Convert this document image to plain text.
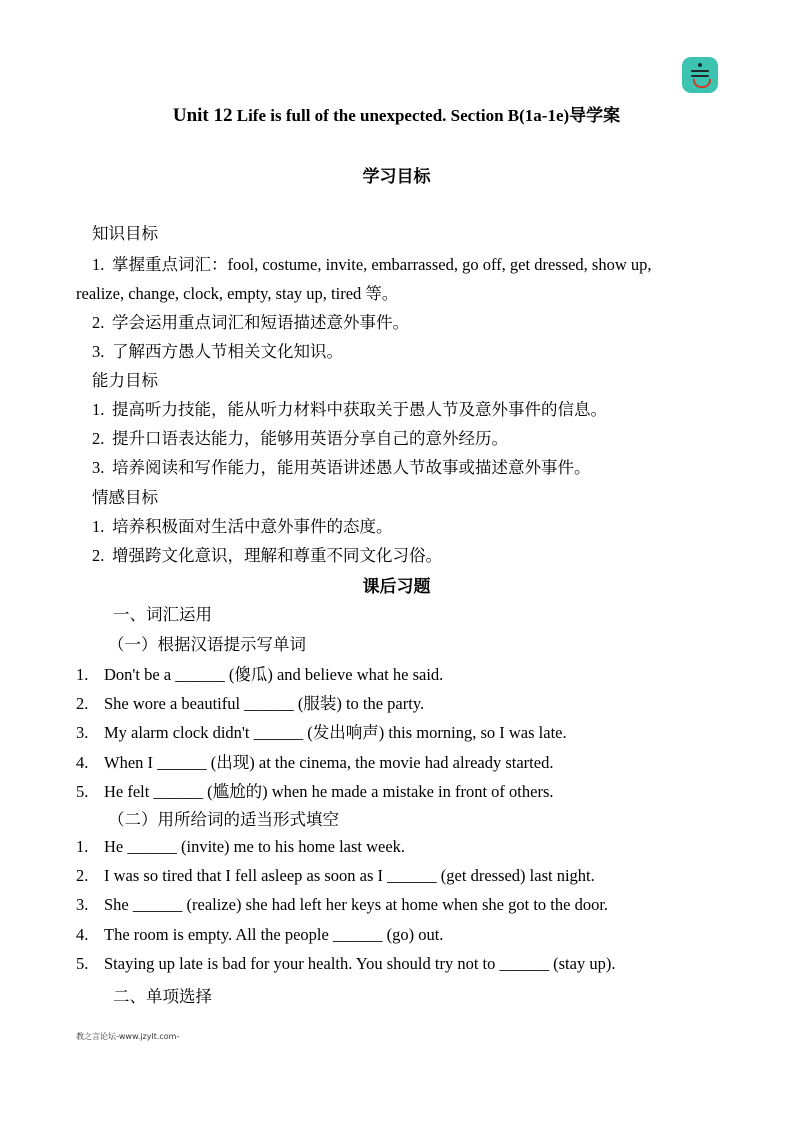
Unit 12 Life is full of the unexpected. Section B(1a-1e)导学案
学习目标
知识目标
1. 掌握重点词汇：fool, costume, invite, embarrassed, go off, get dressed, show up,
realize, change, clock, empty, stay up, tired 等。
2. 学会运用重点词汇和短语描述意外事件。
3. 了解西方愚人节相关文化知识。
能力目标
1. 提高听力技能，能从听力材料中获取关于愚人节及意外事件的信息。
2. 提升口语表达能力，能够用英语分享自己的意外经历。
3. 培养阅读和写作能力，能用英语讲述愚人节故事或描述意外事件。
情感目标
1. 培养积极面对生活中意外事件的态度。
2. 增强跨文化意识，理解和尊重不同文化习俗。
课后习题
一、词汇运用
（一）根据汉语提示写单词
1. Don't be a ______ (傻瓜) and believe what he said.
2. She wore a beautiful ______ (服装) to the party.
3. My alarm clock didn't ______ (发出响声) this morning, so I was late.
4. When I ______ (出现) at the cinema, the movie had already started.
5. He felt ______ (尴尬的) when he made a mistake in front of others.
（二）用所给词的适当形式填空
1. He ______ (invite) me to his home last week.
2. I was so tired that I fell asleep as soon as I ______ (get dressed) last night.
3. She ______ (realize) she had left her keys at home when she got to the door.
4. The room is empty. All the people ______ (go) out.
5. Staying up late is bad for your health. You should try not to ______ (stay up).
二、单项选择
教之言论坛-www.jzylt.com-
